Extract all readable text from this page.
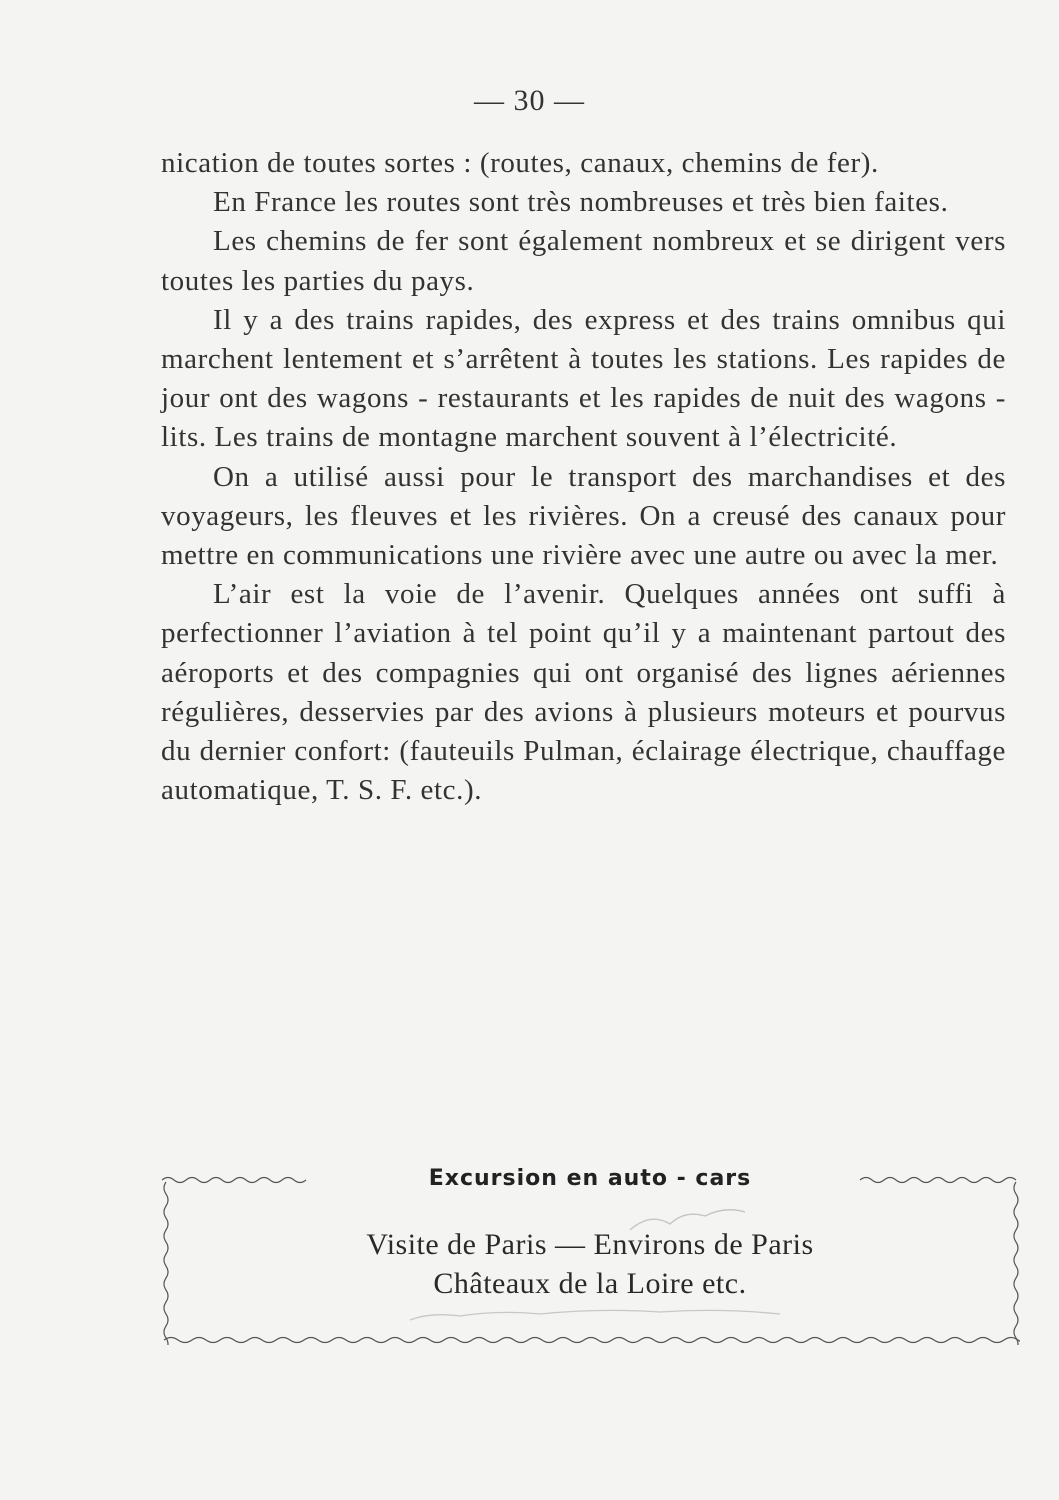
— 30 —

nication de toutes sortes : (routes, canaux, chemins de fer).

En France les routes sont très nombreuses et très bien faites.

Les chemins de fer sont également nombreux et se dirigent vers toutes les parties du pays.

Il y a des trains rapides, des express et des trains omnibus qui marchent lentement et s’arrêtent à toutes les stations. Les rapides de jour ont des wagons - restaurants et les rapides de nuit des wagons - lits. Les trains de montagne marchent souvent à l’électricité.

On a utilisé aussi pour le transport des marchandises et des voyageurs, les fleuves et les rivières. On a creusé des canaux pour mettre en communications une rivière avec une autre ou avec la mer.

L’air est la voie de l’avenir. Quelques années ont suffi à perfectionner l’aviation à tel point qu’il y a maintenant partout des aéroports et des compagnies qui ont organisé des lignes aériennes régulières, desservies par des avions à plusieurs moteurs et pourvus du dernier confort: (fauteuils Pulman, éclairage électrique, chauffage automatique, T. S. F. etc.).

Excursion en auto - cars
Visite de Paris — Environs de Paris
Châteaux de la Loire etc.
